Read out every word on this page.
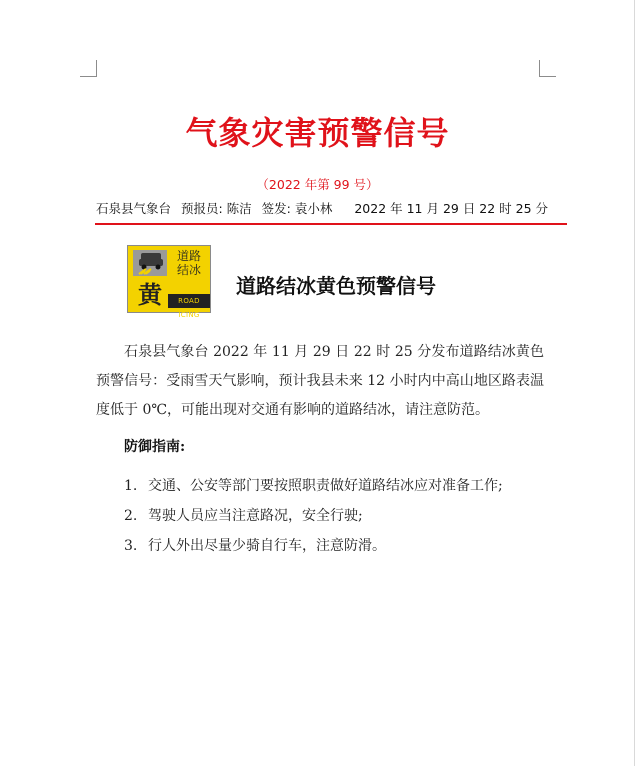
气象灾害预警信号
（2022 年第 99 号）
石泉县气象台 预报员: 陈洁 签发: 袁小林 2022 年 11 月 29 日 22 时 25 分
道路
结冰
黄	ROAD ICING
道路结冰黄色预警信号
石泉县气象台 2022 年 11 月 29 日 22 时 25 分发布道路结冰黄色预警信号：受雨雪天气影响，预计我县未来 12 小时内中高山地区路表温度低于 0℃，可能出现对交通有影响的道路结冰，请注意防范。
防御指南:
1. 交通、公安等部门要按照职责做好道路结冰应对准备工作;
2. 驾驶人员应当注意路况，安全行驶;
3. 行人外出尽量少骑自行车，注意防滑。
